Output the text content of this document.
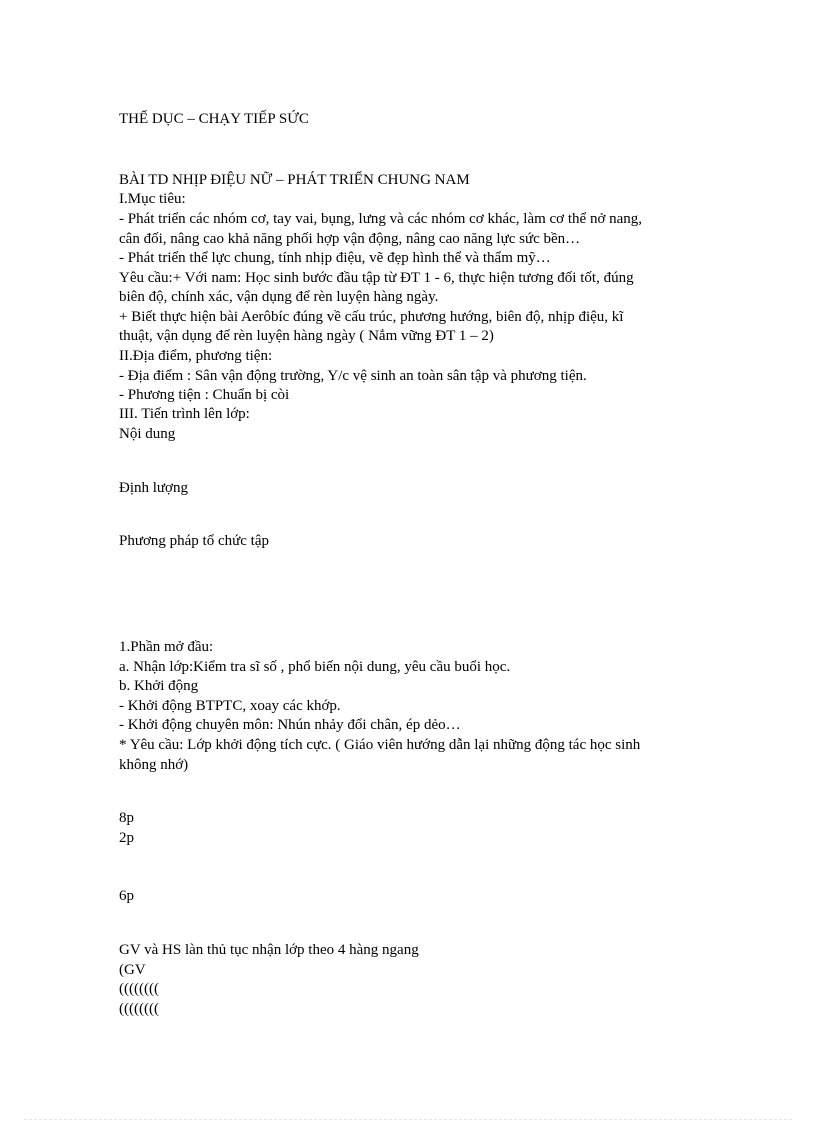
THỂ DỤC – CHẠY TIẾP SỨC
BÀI TD NHỊP ĐIỆU NỮ – PHÁT TRIỂN CHUNG NAM
I.Mục tiêu:
- Phát triển các nhóm cơ, tay vai, bụng, lưng và các nhóm cơ khác, làm cơ thể nở nang,
cân đối, nâng cao khả năng phối hợp vận động, nâng cao năng lực sức bền…
- Phát triển thể lực chung, tính nhịp điệu, vẽ đẹp hình thể và thẩm mỹ…
Yêu cầu:+ Với nam: Học sinh bước đầu tập từ ĐT 1 - 6, thực hiện tương đối tốt, đúng
biên độ, chính xác, vận dụng để rèn luyện hàng ngày.
+ Biết thực hiện bài Aerôbíc đúng về cấu trúc, phương hướng, biên độ, nhịp điệu, kĩ
thuật, vận dụng để rèn luyện hàng ngày ( Nắm vững ĐT 1 – 2)
II.Địa điểm, phương tiện:
- Địa điểm : Sân vận động trường, Y/c vệ sinh an toàn sân tập và phương tiện.
- Phương tiện : Chuẩn bị còi
III. Tiến trình lên lớp:
Nội dung
Định lượng
Phương pháp tổ chức tập
1.Phần mở đầu:
a. Nhận lớp:Kiểm tra sĩ số , phổ biến nội dung, yêu cầu buổi học.
b. Khởi động
- Khởi động BTPTC, xoay các khớp.
- Khởi động chuyên môn: Nhún nhảy đổi chân, ép dẻo…
* Yêu cầu: Lớp khởi động tích cực. ( Giáo viên hướng dẫn lại những động tác học sinh
không nhớ)
8p
2p
6p
GV và HS làn thủ tục nhận lớp theo 4 hàng ngang
(GV
((((((((
((((((((
